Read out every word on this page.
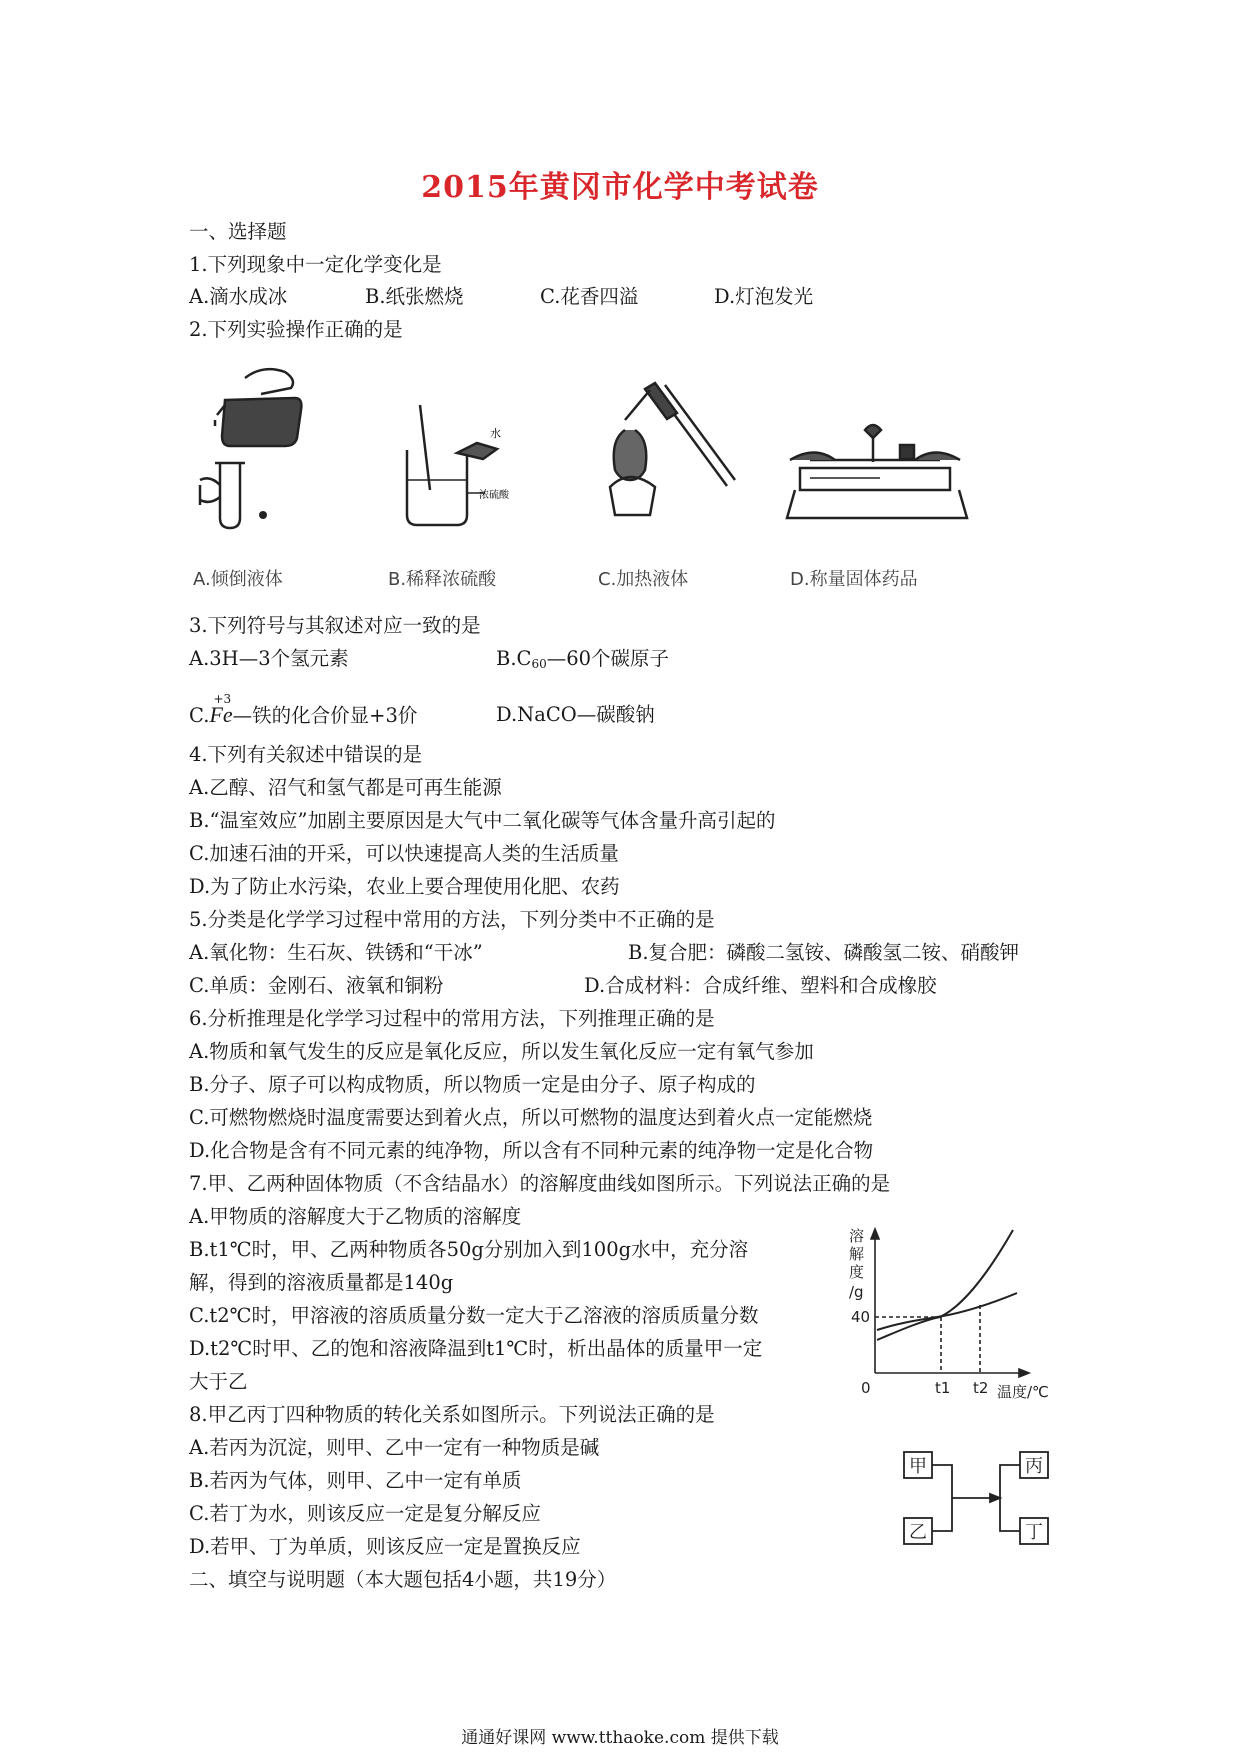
2015年黄冈市化学中考试卷
一、选择题
1.下列现象中一定化学变化是
A.滴水成冰	B.纸张燃烧	C.花香四溢	D.灯泡发光
2.下列实验操作正确的是
水
浓硫酸
A.倾倒液体	B.稀释浓硫酸	C.加热液体	D.称量固体药品
3.下列符号与其叙述对应一致的是
A.3H—3个氢元素	$B.C_{60}—60$个碳原子
C.
+3
Fe—铁的化合价显+3价	D.NaCO—碳酸钠
4.下列有关叙述中错误的是
A.乙醇、沼气和氢气都是可再生能源
B.“温室效应”加剧主要原因是大气中二氧化碳等气体含量升高引起的
C.加速石油的开采，可以快速提高人类的生活质量
D.为了防止水污染，农业上要合理使用化肥、农药
5.分类是化学学习过程中常用的方法，下列分类中不正确的是
A.氧化物：生石灰、铁锈和“干冰”	B.复合肥：磷酸二氢铵、磷酸氢二铵、硝酸钾
C.单质：金刚石、液氧和铜粉	D.合成材料：合成纤维、塑料和合成橡胶
6.分析推理是化学学习过程中的常用方法，下列推理正确的是
A.物质和氧气发生的反应是氧化反应，所以发生氧化反应一定有氧气参加
B.分子、原子可以构成物质，所以物质一定是由分子、原子构成的
C.可燃物燃烧时温度需要达到着火点，所以可燃物的温度达到着火点一定能燃烧
D.化合物是含有不同元素的纯净物，所以含有不同种元素的纯净物一定是化合物
7.甲、乙两种固体物质（不含结晶水）的溶解度曲线如图所示。下列说法正确的是
A.甲物质的溶解度大于乙物质的溶解度
B.t1℃时，甲、乙两种物质各50g分别加入到100g水中，充分溶
解，得到的溶液质量都是140g
C.t2℃时，甲溶液的溶质质量分数一定大于乙溶液的溶质质量分数
D.t2℃时甲、乙的饱和溶液降温到t1℃时，析出晶体的质量甲一定
大于乙
溶
解
度
/g
40
0	t1 t2 温度/℃
8.甲乙丙丁四种物质的转化关系如图所示。下列说法正确的是
A.若丙为沉淀，则甲、乙中一定有一种物质是碱
B.若丙为气体，则甲、乙中一定有单质
C.若丁为水，则该反应一定是复分解反应
D.若甲、丁为单质，则该反应一定是置换反应
甲
乙
丙
丁
二、填空与说明题（本大题包括4小题，共19分）
通通好课网 www.tthaoke.com 提供下载
